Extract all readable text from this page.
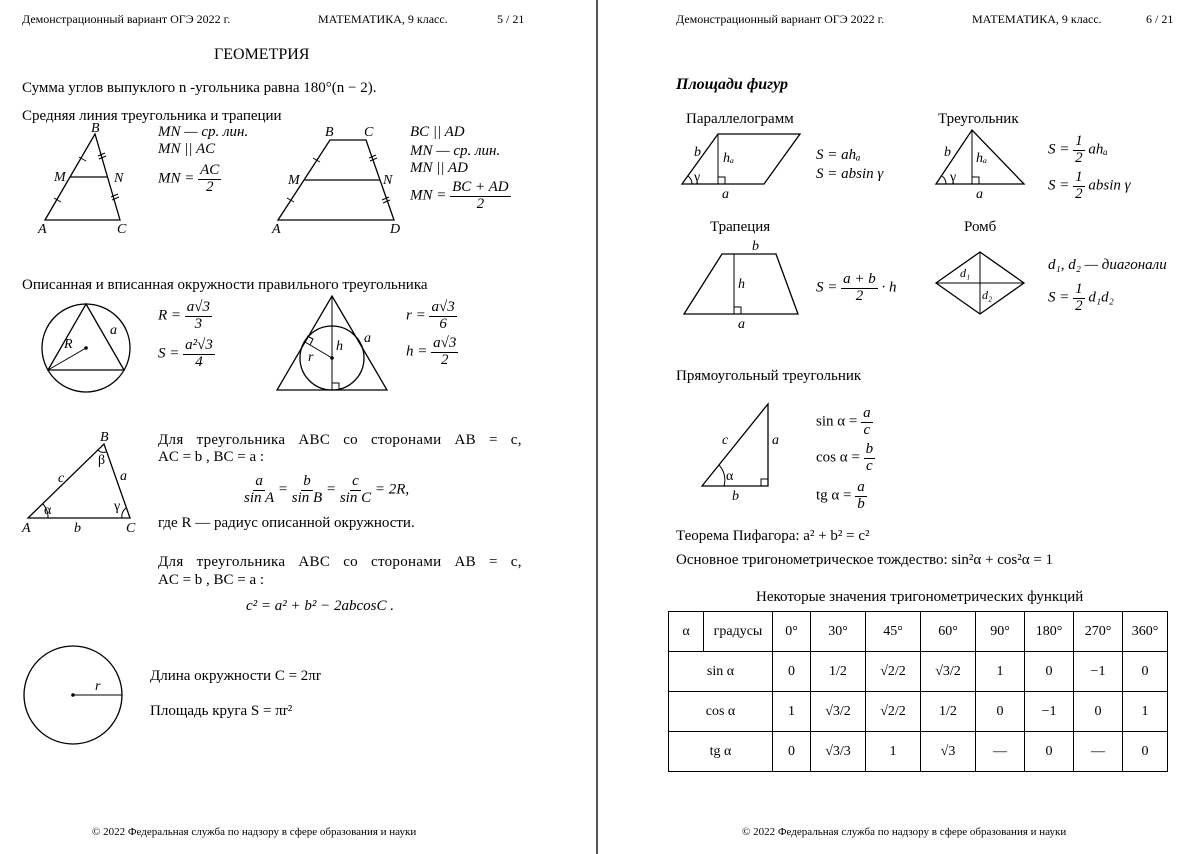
Демонстрационный вариант ОГЭ 2022 г.	МАТЕМАТИКА, 9 класс.	5 / 21
ГЕОМЕТРИЯ
Сумма углов выпуклого n -угольника равна 180°(n − 2).
Средняя линия треугольника и трапеции
B
M	N
A	C
MN — ср. лин.
MN || AC
MN = $\frac{AC}{2}$
B C
M	N
A	D
BC || AD
MN — ср. лин.
MN || AD
MN = $\frac{BC + AD}{2}$
Описанная и вписанная окружности правильного треугольника
R
a
$R = \frac{a√3}{3}$
$S = \frac{\text{a²√3}}{4}$	r
h
a
$r = \frac{a√3}{6}$
$h = \frac{a√3}{2}$
B
β
c	a
α	γ
A	b	C
Для треугольника ABC со сторонами AB = c,
AC = b , BC = a :
$\frac{a}{\text{sin A}} = \frac{b}{\text{sin B}} = \frac{c}{\text{sin C}} = 2R$,
где R — радиус описанной окружности.
Для треугольника ABC со сторонами AB = c,
AC = b , BC = a :
c² = a² + b² − 2abcosC .
r
Длина окружности C = 2πr
Площадь круга S = πr²
© 2022 Федеральная служба по надзору в сфере образования и науки
Демонстрационный вариант ОГЭ 2022 г.	МАТЕМАТИКА, 9 класс.	6 / 21
Площади фигур
Параллелограмм
b hₐ
γ
a
S = ahₐ
S = absin γ
Треугольник
b hₐ
γ
a
$S = \frac{1}{2}$ ahₐ
$S = \frac{1}{2}$ absin γ
Трапеция
b
h
a
$S = \frac{a + b}{2} \cdot h$
Ромб
d₁
d₂
d₁, d₂ — диагонали
$S = \frac{1}{2} d_1d_2$
Прямоугольный треугольник
c	a
α
b
$\sin \alpha = \frac{a}{c}$
$\cos \alpha = \frac{b}{c}$
tg $\alpha = \frac{a}{b}$
Теорема Пифагора: a² + b² = c²
Основное тригонометрическое тождество: sin²α + cos²α = 1
Некоторые значения тригонометрических функций
α	градусы	0°	30°	45°	60°	90°	180°	270°	360°
sin α		0	1/2	√2/2	√3/2	1	0	−1	0
cos α		1	√3/2	√2/2	1/2	0	−1	0	1
tg α		0	√3/3	1	√3	—	0	—	0
© 2022 Федеральная служба по надзору в сфере образования и науки
